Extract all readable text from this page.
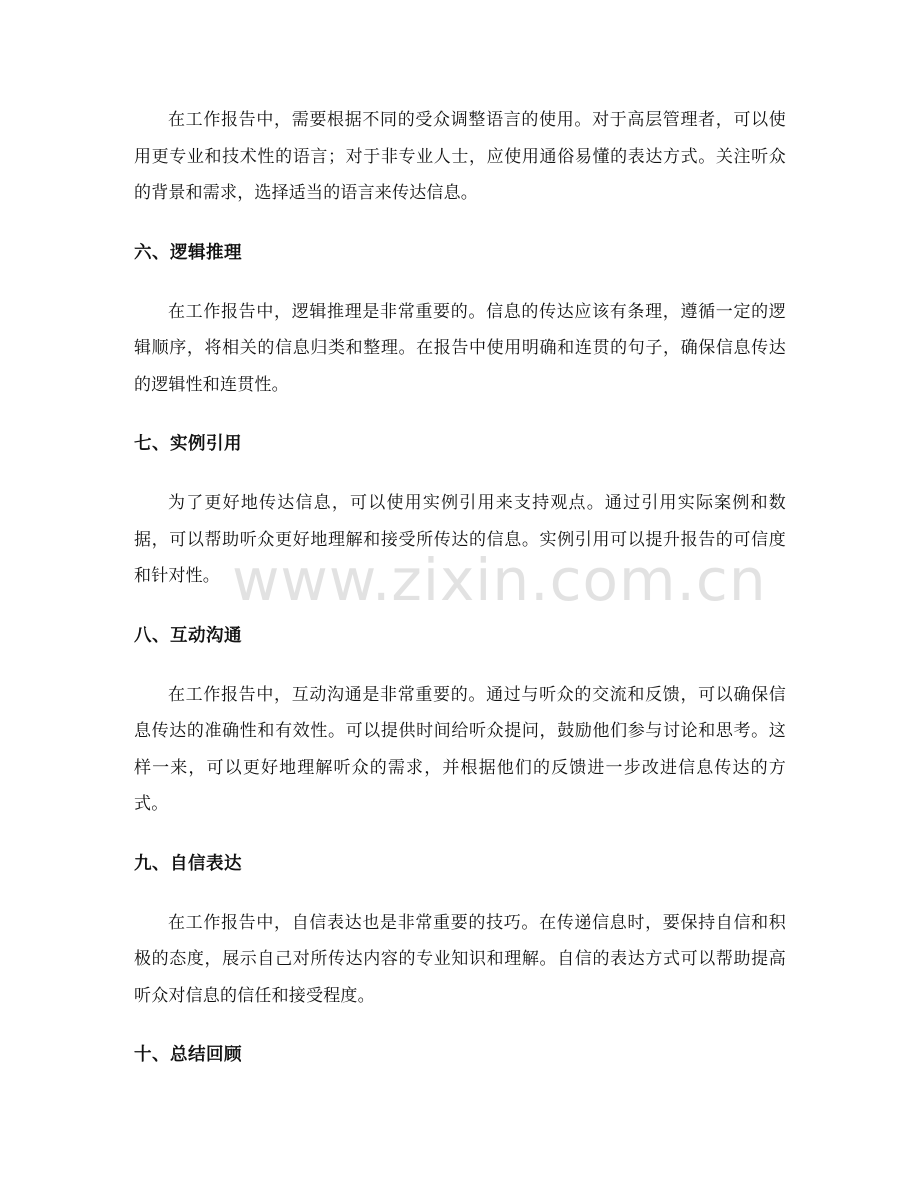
在工作报告中，需要根据不同的受众调整语言的使用。对于高层管理者，可以使用更专业和技术性的语言；对于非专业人士，应使用通俗易懂的表达方式。关注听众的背景和需求，选择适当的语言来传达信息。

六、逻辑推理

在工作报告中，逻辑推理是非常重要的。信息的传达应该有条理，遵循一定的逻辑顺序，将相关的信息归类和整理。在报告中使用明确和连贯的句子，确保信息传达的逻辑性和连贯性。

七、实例引用

为了更好地传达信息，可以使用实例引用来支持观点。通过引用实际案例和数据，可以帮助听众更好地理解和接受所传达的信息。实例引用可以提升报告的可信度和针对性。

八、互动沟通

在工作报告中，互动沟通是非常重要的。通过与听众的交流和反馈，可以确保信息传达的准确性和有效性。可以提供时间给听众提问，鼓励他们参与讨论和思考。这样一来，可以更好地理解听众的需求，并根据他们的反馈进一步改进信息传达的方式。

九、自信表达

在工作报告中，自信表达也是非常重要的技巧。在传递信息时，要保持自信和积极的态度，展示自己对所传达内容的专业知识和理解。自信的表达方式可以帮助提高听众对信息的信任和接受程度。

十、总结回顾
www.zixin.com.cn
